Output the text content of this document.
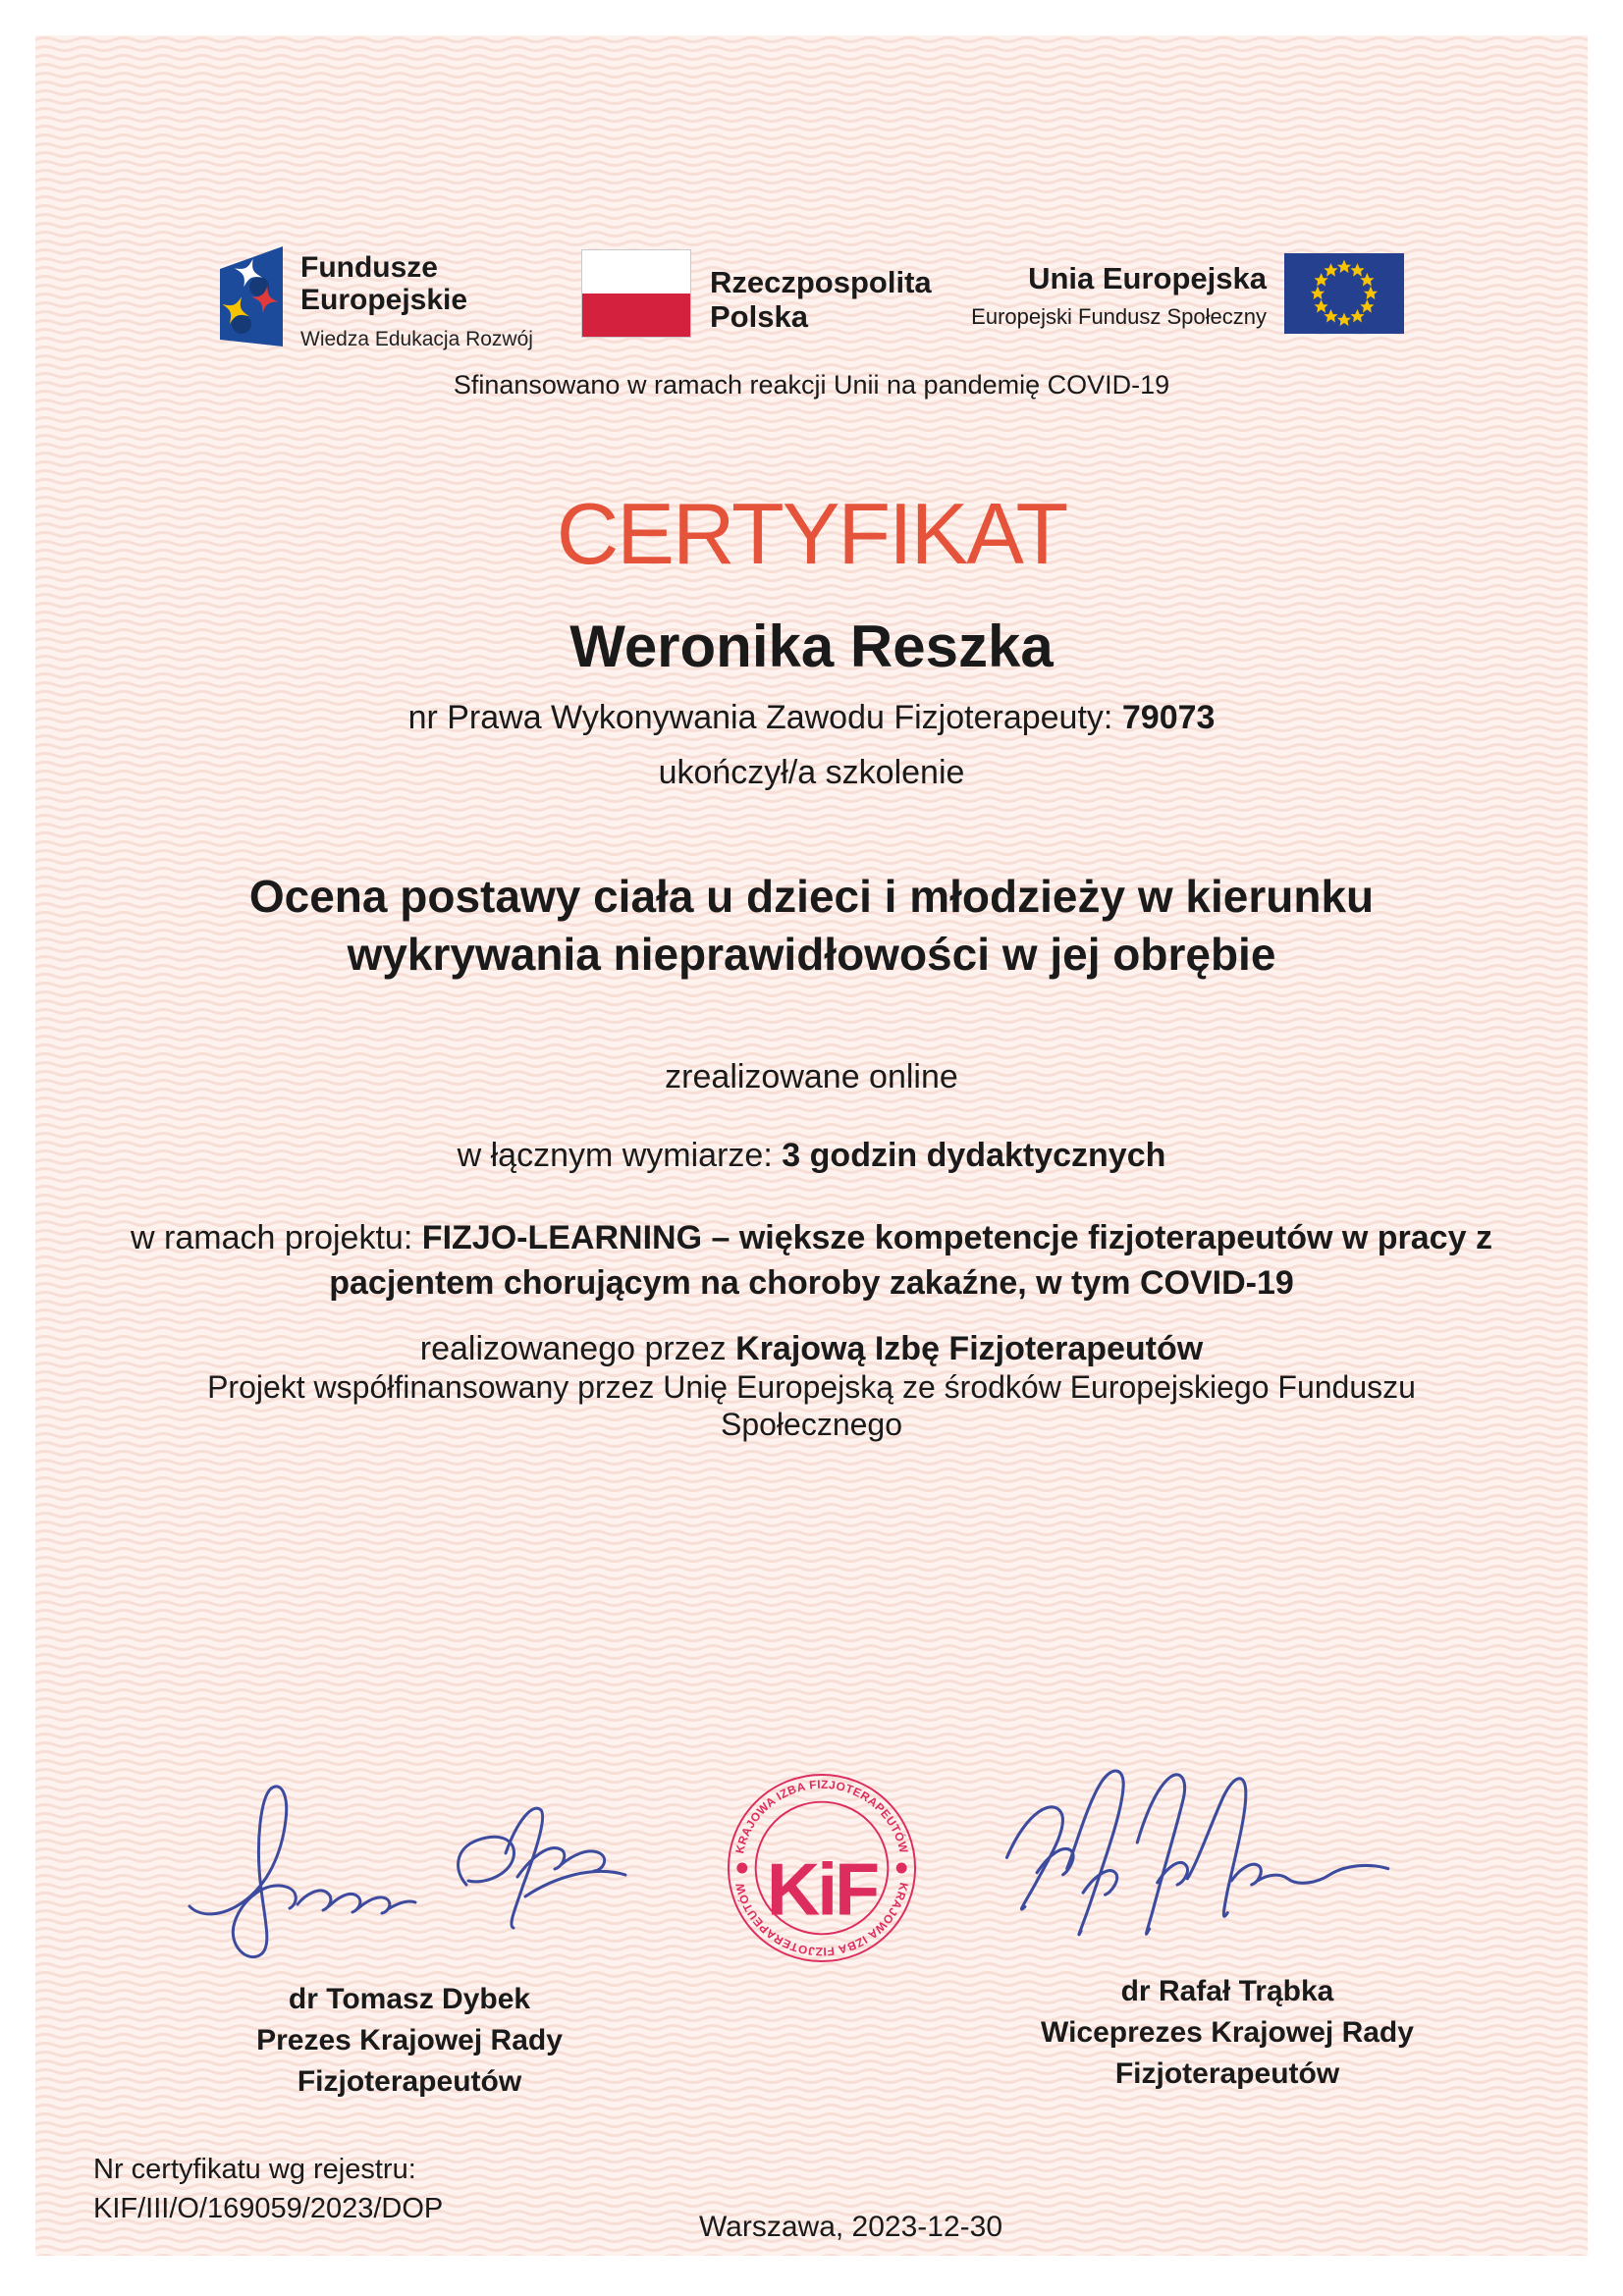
Fundusze
Europejskie
Wiedza Edukacja Rozwój
Rzeczpospolita
Polska
Unia Europejska
Europejski Fundusz Społeczny
Sfinansowano w ramach reakcji Unii na pandemię COVID-19
CERTYFIKAT
Weronika Reszka
nr Prawa Wykonywania Zawodu Fizjoterapeuty: 79073
ukończył/a szkolenie
Ocena postawy ciała u dzieci i młodzieży w kierunku wykrywania nieprawidłowości w jej obrębie
zrealizowane online
w łącznym wymiarze: 3 godzin dydaktycznych
w ramach projektu: FIZJO-LEARNING – większe kompetencje fizjoterapeutów w pracy z pacjentem chorującym na choroby zakaźne, w tym COVID-19
realizowanego przez Krajową Izbę Fizjoterapeutów
Projekt współfinansowany przez Unię Europejską ze środków Europejskiego Funduszu Społecznego
KRAJOWA IZBA FIZJOTERAPEUTÓW
KRAJOWA IZBA FIZJOTERAPEUTÓW KiF
dr Tomasz Dybek
Prezes Krajowej Rady
Fizjoterapeutów
dr Rafał Trąbka
Wiceprezes Krajowej Rady
Fizjoterapeutów
Nr certyfikatu wg rejestru:
KIF/III/O/169059/2023/DOP
Warszawa, 2023-12-30
